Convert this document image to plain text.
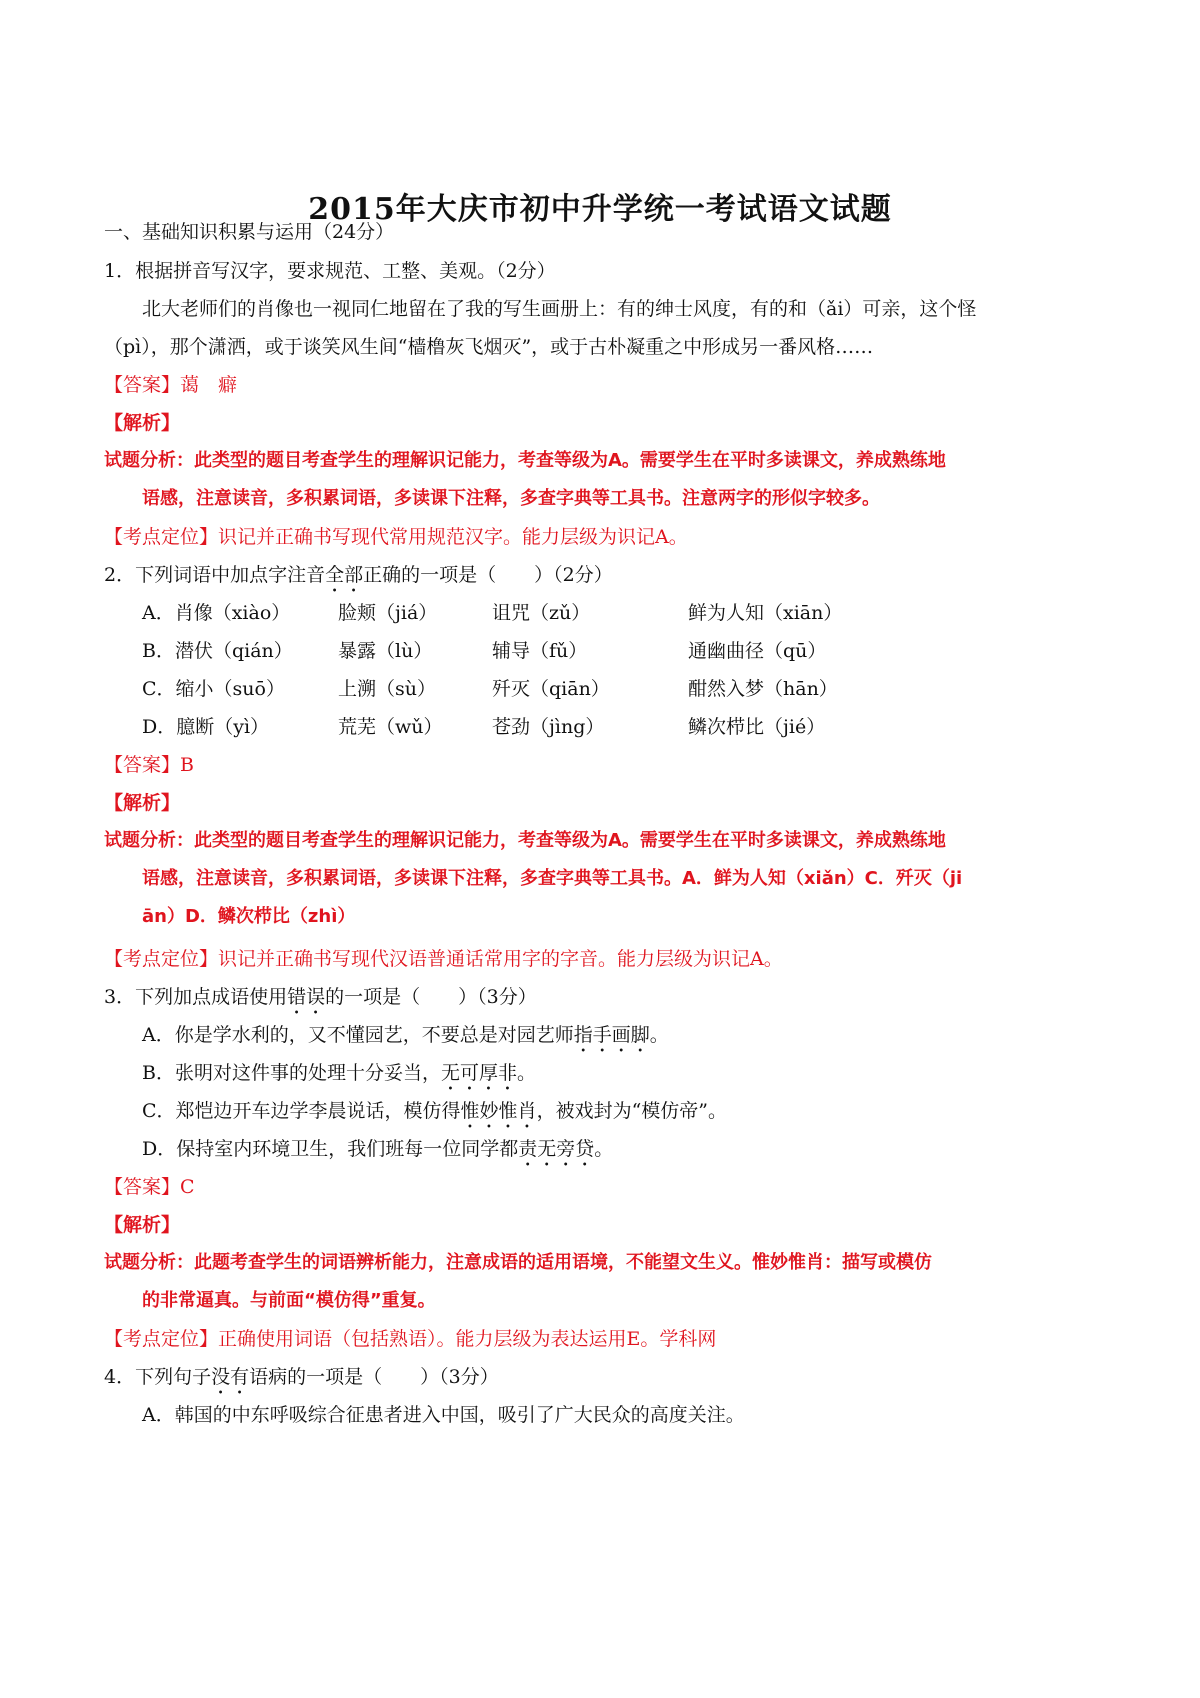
2015年大庆市初中升学统一考试语文试题
一、基础知识积累与运用（24分）
1．根据拼音写汉字，要求规范、工整、美观。（2分）
北大老师们的肖像也一视同仁地留在了我的写生画册上：有的绅士风度，有的和（ǎi）可亲，这个怪
（pì），那个潇洒，或于谈笑风生间“樯橹灰飞烟灭”，或于古朴凝重之中形成另一番风格……
【答案】蔼　癖
【解析】
试题分析：此类型的题目考查学生的理解识记能力，考查等级为A。需要学生在平时多读课文，养成熟练地
语感，注意读音，多积累词语，多读课下注释，多查字典等工具书。注意两字的形似字较多。
【考点定位】识记并正确书写现代常用规范汉字。能力层级为识记A。
2．下列词语中加点字注音全部正确的一项是（　　）（2分）
A．肖像（xiào）	脸颊（jiá）	诅咒（zǔ）	鲜为人知（xiān）
B．潜伏（qián） 暴露（lù）	辅导（fǔ）	通幽曲径（qū）
C．缩小（suō）	上溯（sù）	歼灭（qiān）	酣然入梦（hān）
D．臆断（yì）	荒芜（wǔ）	苍劲（jìng）	鳞次栉比（jié）
【答案】B
【解析】
试题分析：此类型的题目考查学生的理解识记能力，考查等级为A。需要学生在平时多读课文，养成熟练地
语感，注意读音，多积累词语，多读课下注释，多查字典等工具书。A．鲜为人知（xiǎn）C．歼灭（ji
ān）D．鳞次栉比（zhì）
【考点定位】识记并正确书写现代汉语普通话常用字的字音。能力层级为识记A。
3．下列加点成语使用错误的一项是（　　）（3分）
A．你是学水利的，又不懂园艺，不要总是对园艺师指手画脚。
B．张明对这件事的处理十分妥当，无可厚非。
C．郑恺边开车边学李晨说话，模仿得惟妙惟肖，被戏封为“模仿帝”。
D．保持室内环境卫生，我们班每一位同学都责无旁贷。
【答案】C
【解析】
试题分析：此题考查学生的词语辨析能力，注意成语的适用语境，不能望文生义。惟妙惟肖：描写或模仿
的非常逼真。与前面“模仿得”重复。
【考点定位】正确使用词语（包括熟语）。能力层级为表达运用E。学科网
4．下列句子没有语病的一项是（　　）（3分）
A．韩国的中东呼吸综合征患者进入中国，吸引了广大民众的高度关注。
